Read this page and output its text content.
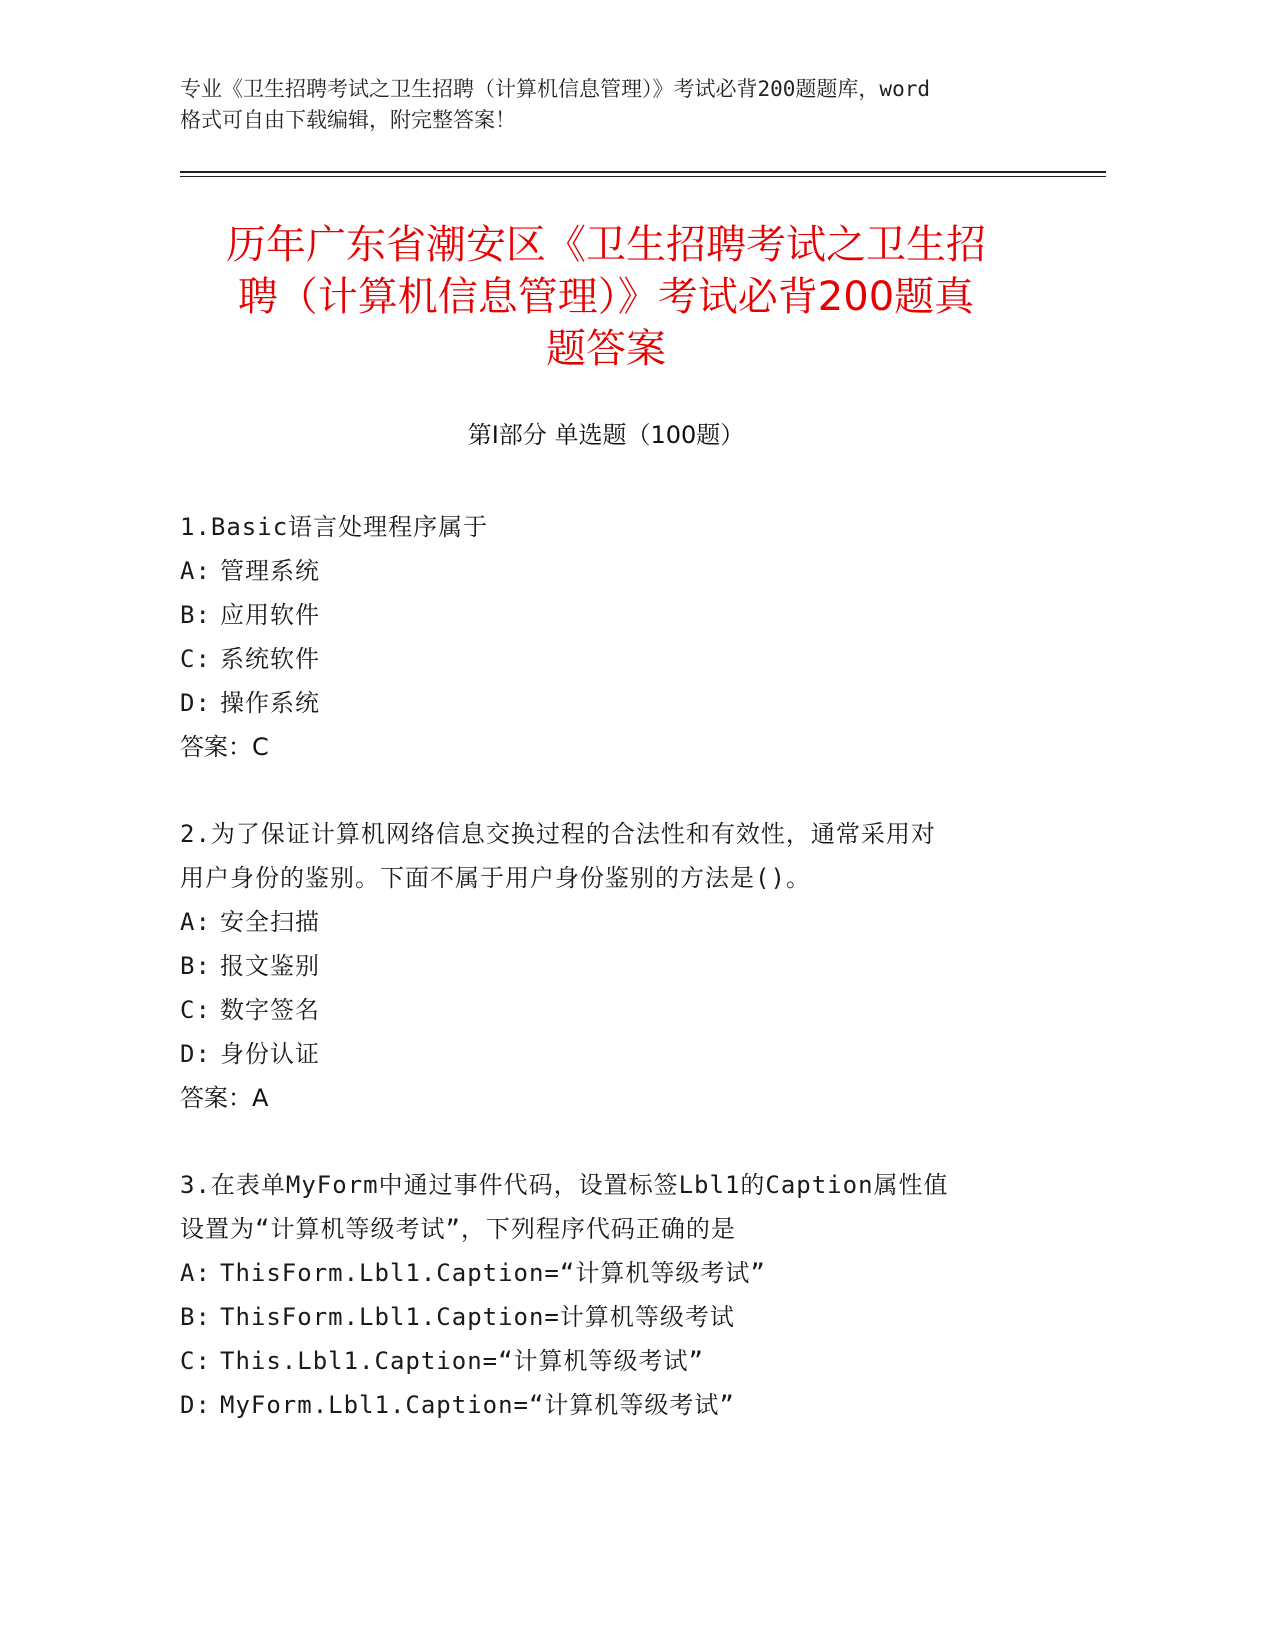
专业《卫生招聘考试之卫生招聘（计算机信息管理）》考试必背200题题库，word
格式可自由下载编辑，附完整答案！
历年广东省潮安区《卫生招聘考试之卫生招
聘（计算机信息管理）》考试必背200题真
题答案
第Ⅰ部分 单选题（100题）
1.Basic语言处理程序属于
A: 管理系统
B: 应用软件
C: 系统软件
D: 操作系统
答案：C
2.为了保证计算机网络信息交换过程的合法性和有效性，通常采用对
用户身份的鉴别。下面不属于用户身份鉴别的方法是()。
A: 安全扫描
B: 报文鉴别
C: 数字签名
D: 身份认证
答案：A
3.在表单MyForm中通过事件代码，设置标签Lbl1的Caption属性值
设置为“计算机等级考试”，下列程序代码正确的是
A: ThisForm.Lbl1.Caption=“计算机等级考试”
B: ThisForm.Lbl1.Caption=计算机等级考试
C: This.Lbl1.Caption=“计算机等级考试”
D: MyForm.Lbl1.Caption=“计算机等级考试”
